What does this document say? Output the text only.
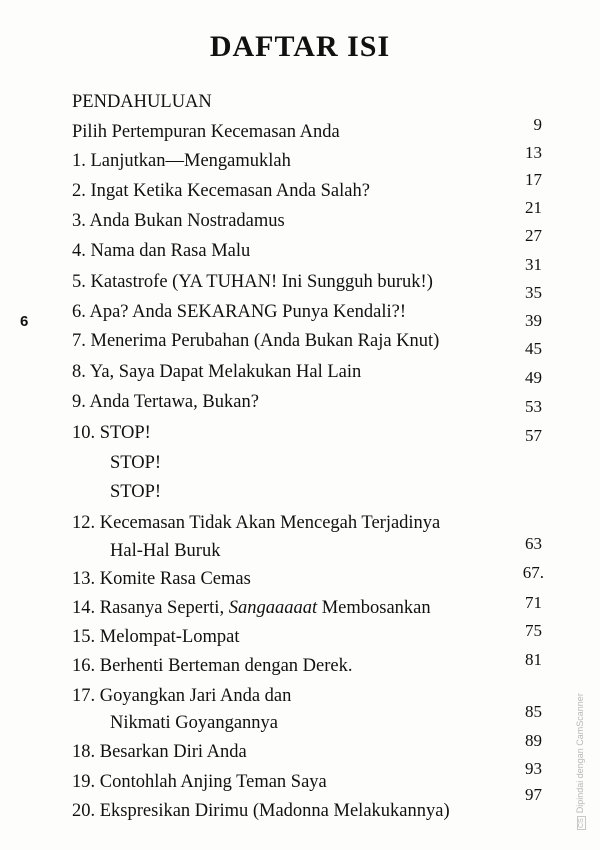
DAFTAR ISI
6
PENDAHULUAN
Pilih Pertempuran Kecemasan Anda
1. Lanjutkan—Mengamuklah
2. Ingat Ketika Kecemasan Anda Salah?
3. Anda Bukan Nostradamus
4. Nama dan Rasa Malu
5. Katastrofe (YA TUHAN! Ini Sungguh buruk!)
6. Apa? Anda SEKARANG Punya Kendali?!
7. Menerima Perubahan (Anda Bukan Raja Knut)
8. Ya, Saya Dapat Melakukan Hal Lain
9. Anda Tertawa, Bukan?
10. STOP!
STOP!
STOP!
12. Kecemasan Tidak Akan Mencegah Terjadinya
Hal-Hal Buruk
13. Komite Rasa Cemas
14. Rasanya Seperti, Sangaaaaat Membosankan
15. Melompat-Lompat
16. Berhenti Berteman dengan Derek.
17. Goyangkan Jari Anda dan
Nikmati Goyangannya
18. Besarkan Diri Anda
19. Contohlah Anjing Teman Saya
20. Ekspresikan Dirimu (Madonna Melakukannya)
9
13
17
21
27
31
35
39
45
49
53
57
63
67.
71
75
81
85
89
93
97
CSDipindai dengan CamScanner
